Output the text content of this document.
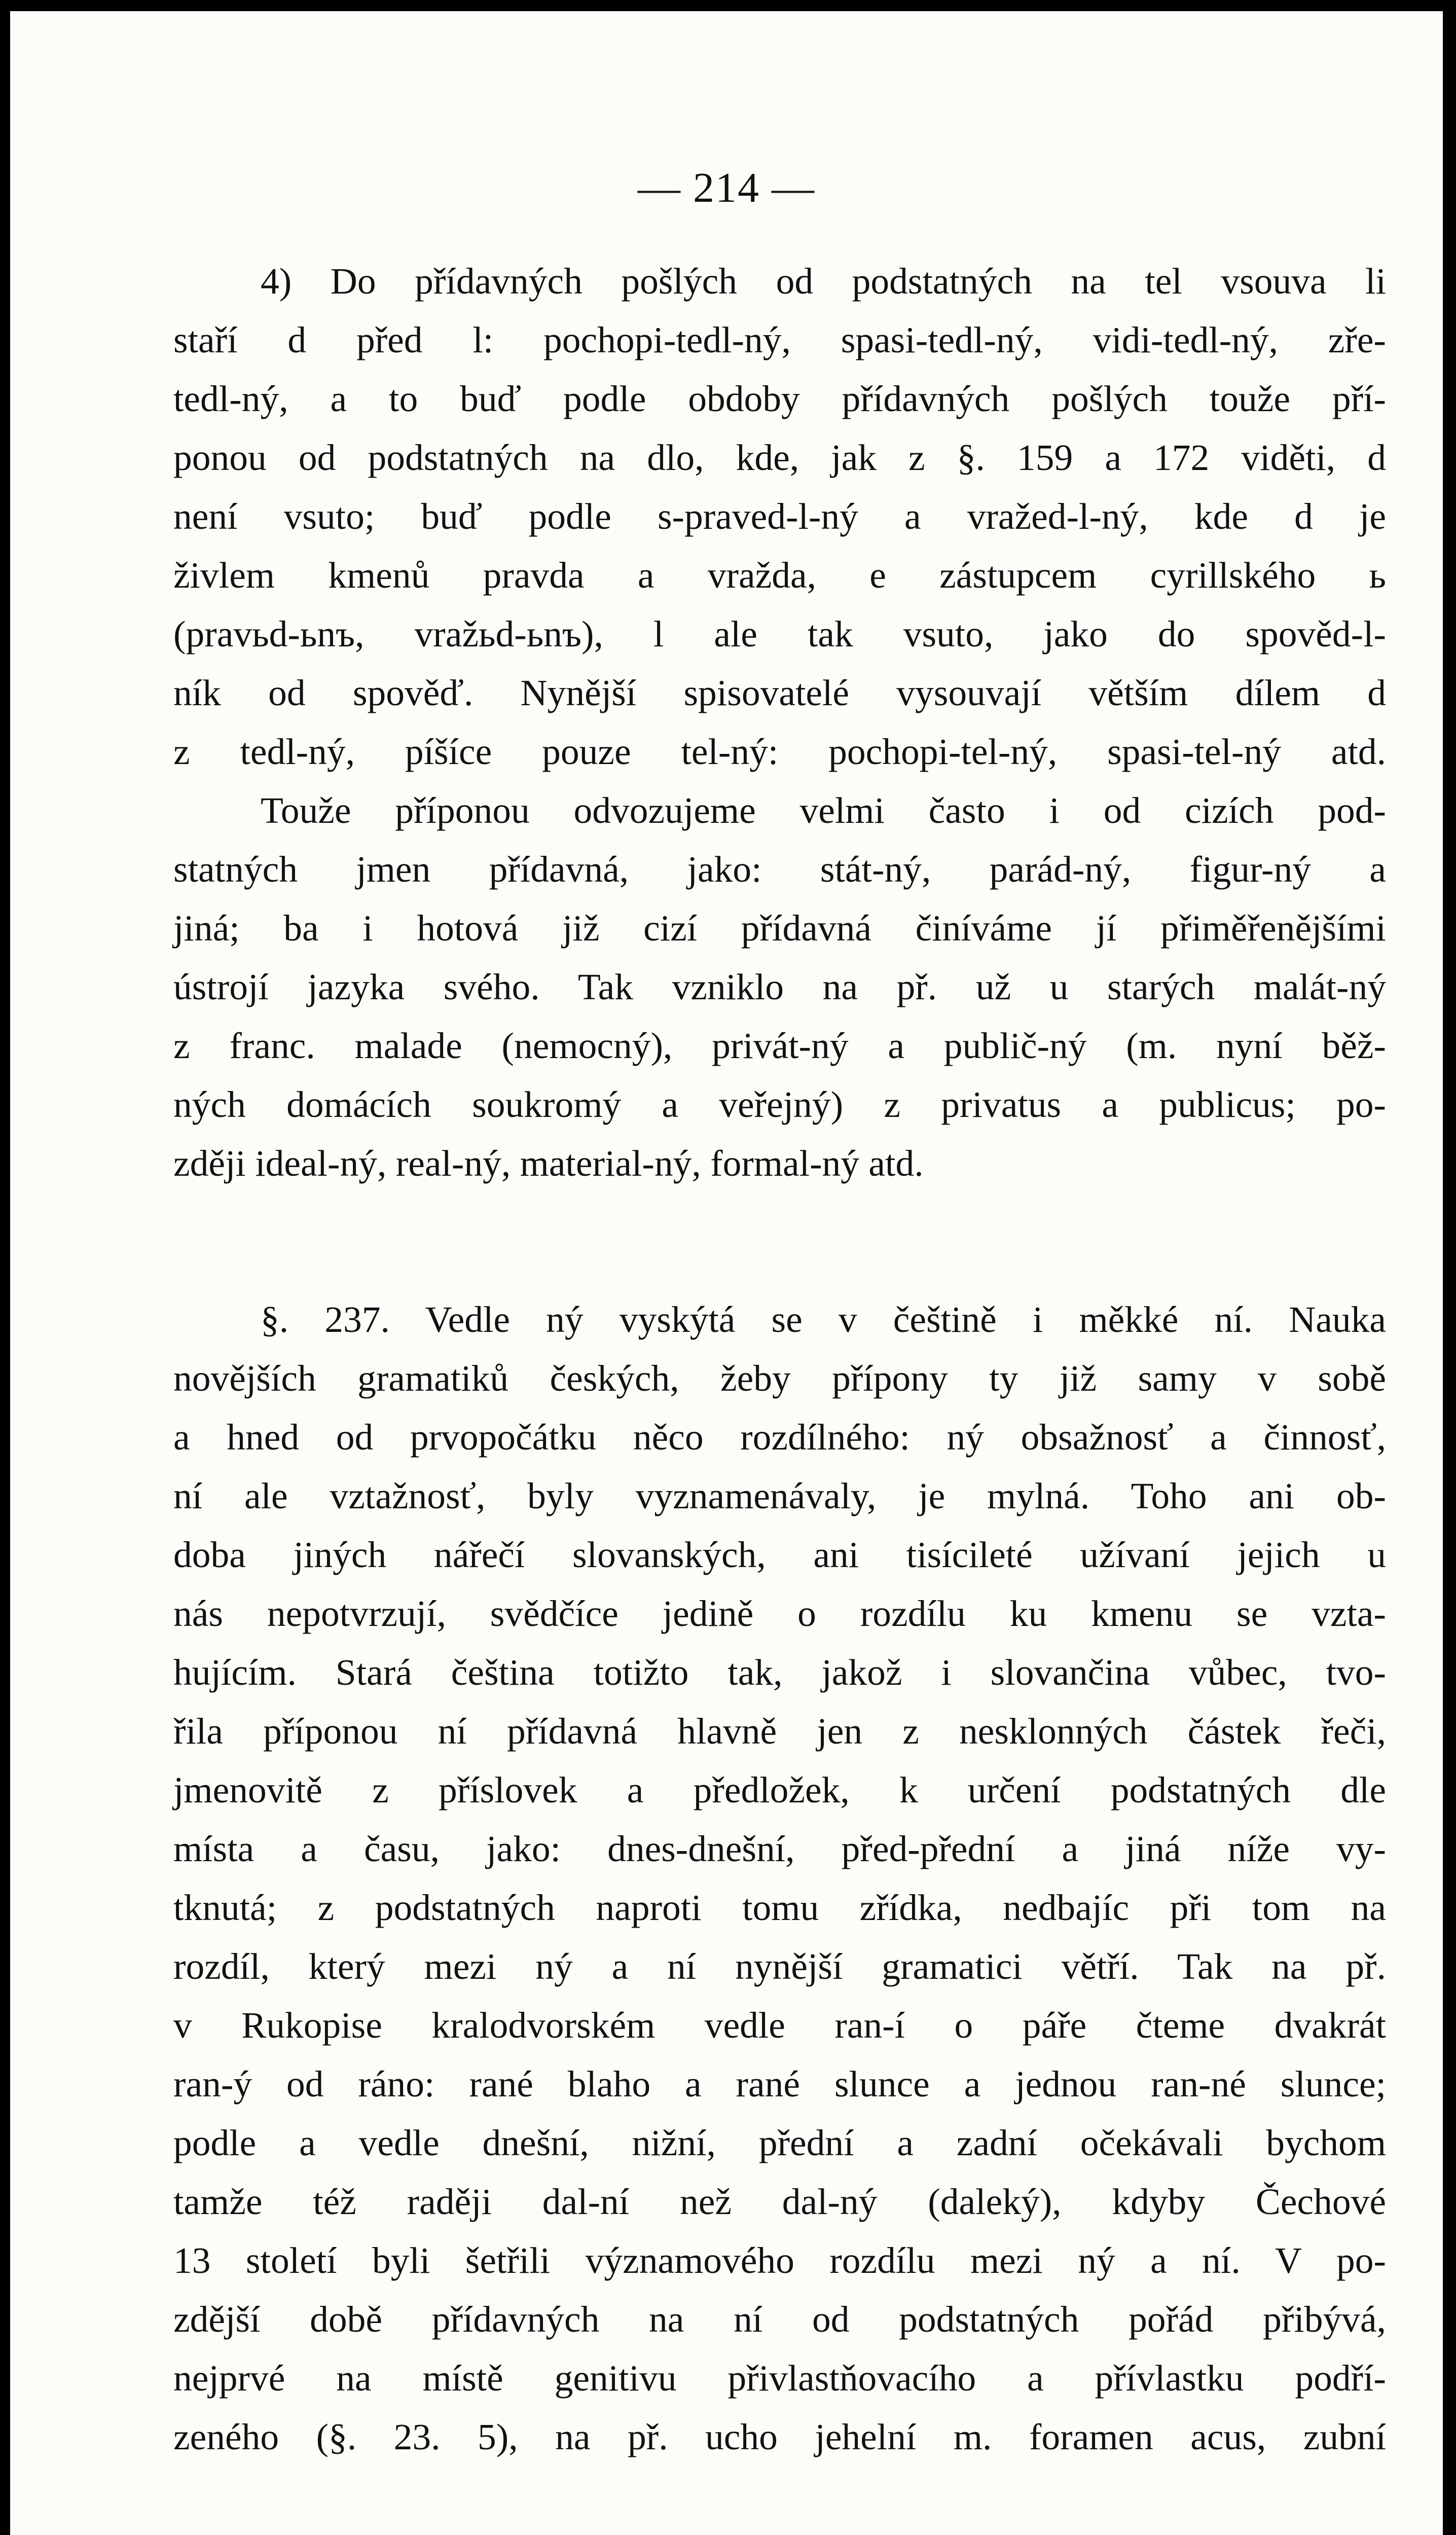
— 214 —
4) Do přídavných pošlých od podstatných na tel vsouva li
staří d před l: pochopi-tedl-ný, spasi-tedl-ný, vidi-tedl-ný, zře-
tedl-ný, a to buď podle obdoby přídavných pošlých touže pří-
ponou od podstatných na dlo, kde, jak z §. 159 a 172 viděti, d
není vsuto; buď podle s-praved-l-ný a vražed-l-ný, kde d je
živlem kmenů pravda a vražda, e zástupcem cyrillského ь
(pravьd-ьnъ, vražьd-ьnъ), l ale tak vsuto, jako do spověd-l-
ník od spověď. Nynější spisovatelé vysouvají větším dílem d
z tedl-ný, píšíce pouze tel-ný: pochopi-tel-ný, spasi-tel-ný atd.
Touže příponou odvozujeme velmi často i od cizích pod-
statných jmen přídavná, jako: stát-ný, parád-ný, figur-ný a
jiná; ba i hotová již cizí přídavná činíváme jí přiměřenějšími
ústrojí jazyka svého. Tak vzniklo na př. už u starých malát-ný
z franc. malade (nemocný), privát-ný a publič-ný (m. nyní běž-
ných domácích soukromý a veřejný) z privatus a publicus; po-
zději ideal-ný, real-ný, material-ný, formal-ný atd.
§. 237. Vedle ný vyskýtá se v češtině i měkké ní. Nauka
novějších gramatiků českých, žeby přípony ty již samy v sobě
a hned od prvopočátku něco rozdílného: ný obsažnosť a činnosť,
ní ale vztažnosť, byly vyznamenávaly, je mylná. Toho ani ob-
doba jiných nářečí slovanských, ani tisícileté užívaní jejich u
nás nepotvrzují, svědčíce jedině o rozdílu ku kmenu se vzta-
hujícím. Stará čeština totižto tak, jakož i slovančina vůbec, tvo-
řila příponou ní přídavná hlavně jen z nesklonných částek řeči,
jmenovitě z příslovek a předložek, k určení podstatných dle
místa a času, jako: dnes-dnešní, před-přední a jiná níže vy-
tknutá; z podstatných naproti tomu zřídka, nedbajíc při tom na
rozdíl, který mezi ný a ní nynější gramatici větří. Tak na př.
v Rukopise kralodvorském vedle ran-í o páře čteme dvakrát
ran-ý od ráno: rané blaho a rané slunce a jednou ran-né slunce;
podle a vedle dnešní, nižní, přední a zadní očekávali bychom
tamže též raději dal-ní než dal-ný (daleký), kdyby Čechové
13 století byli šetřili významového rozdílu mezi ný a ní. V po-
zdější době přídavných na ní od podstatných pořád přibývá,
nejprvé na místě genitivu přivlastňovacího a přívlastku podří-
zeného (§. 23. 5), na př. ucho jehelní m. foramen acus, zubní
